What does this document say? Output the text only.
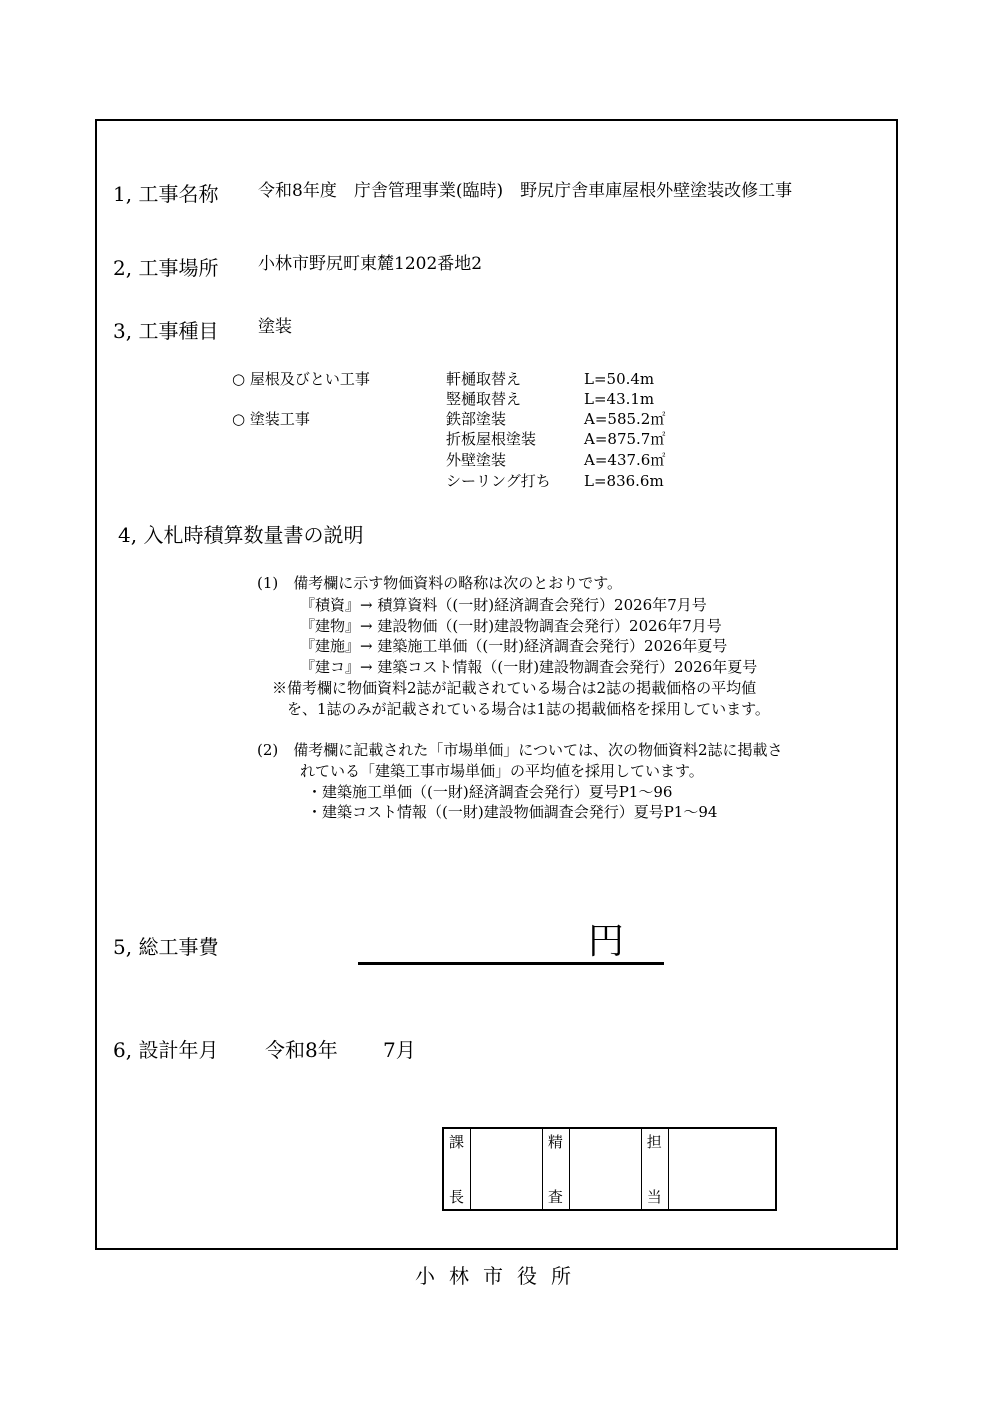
1, 工事名称 令和8年度　庁舎管理事業(臨時)　野尻庁舎車庫屋根外壁塗装改修工事
2, 工事場所 小林市野尻町東麓1202番地2
3, 工事種目 塗装
○ 屋根及びとい工事
○ 塗装工事
軒樋取替え	L=50.4m
竪樋取替え	L=43.1m
鉄部塗装	A=585.2㎡
折板屋根塗装	A=875.7㎡
外壁塗装	A=437.6㎡
シーリング打ち L=836.6m
4, 入札時積算数量書の説明
(1)　備考欄に示す物価資料の略称は次のとおりです。
『積資』→ 積算資料（(一財)経済調査会発行）2026年7月号
『建物』→ 建設物価（(一財)建設物調査会発行）2026年7月号
『建施』→ 建築施工単価（(一財)経済調査会発行）2026年夏号
『建コ』→ 建築コスト情報（(一財)建設物調査会発行）2026年夏号
※備考欄に物価資料2誌が記載されている場合は2誌の掲載価格の平均値
を、1誌のみが記載されている場合は1誌の掲載価格を採用しています。
(2)　備考欄に記載された「市場単価」については、次の物価資料2誌に掲載さ
れている「建築工事市場単価」の平均値を採用しています。
・建築施工単価（(一財)経済調査会発行）夏号P1～96
・建築コスト情報（(一財)建設物価調査会発行）夏号P1～94
5, 総工事費	円
6, 設計年月 令和8年 7月
課
長

精
査

担
当

小林市役所
